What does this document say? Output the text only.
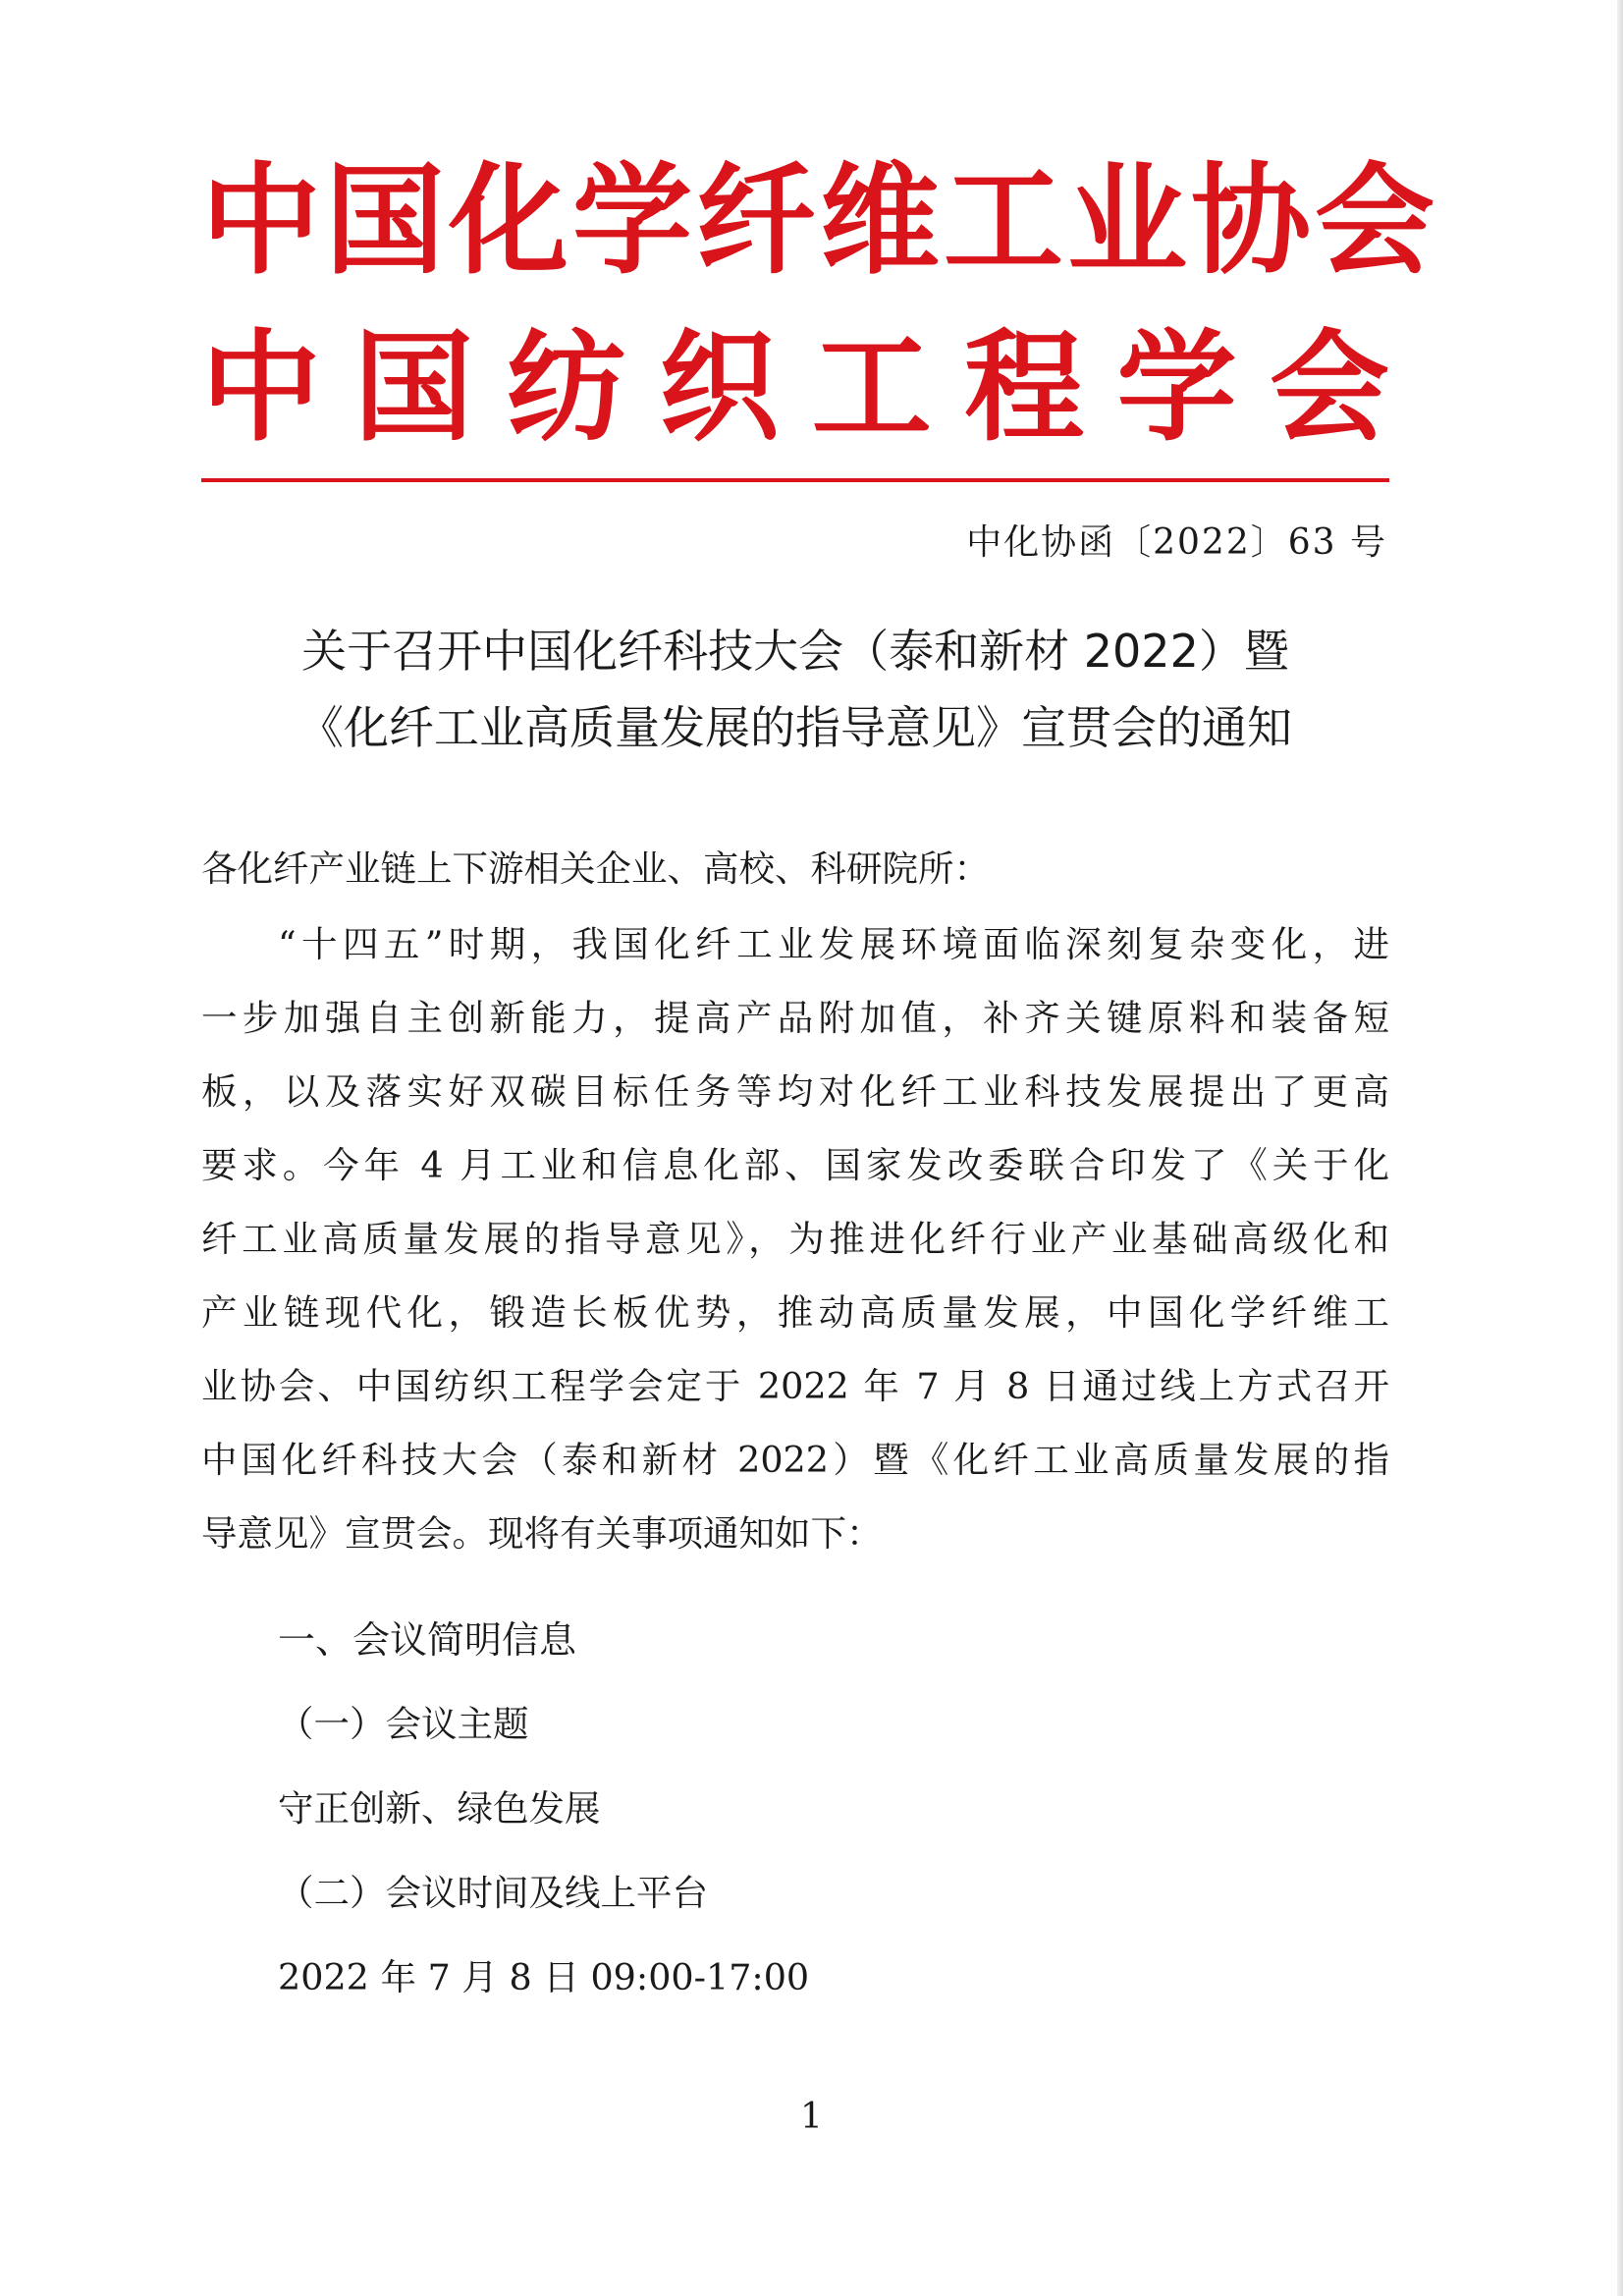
中国化学纤维工业协会
中 国 纺 织 工 程 学 会
中化协函〔2022〕63 号
关于召开中国化纤科技大会（泰和新材 2022）暨
《化纤工业高质量发展的指导意见》宣贯会的通知
各化纤产业链上下游相关企业、高校、科研院所：
“十四五”时期，我国化纤工业发展环境面临深刻复杂变化，进
一步加强自主创新能力，提高产品附加值，补齐关键原料和装备短
板，以及落实好双碳目标任务等均对化纤工业科技发展提出了更高
要求。今年 4 月工业和信息化部、国家发改委联合印发了《关于化
纤工业高质量发展的指导意见》，为推进化纤行业产业基础高级化和
产业链现代化，锻造长板优势，推动高质量发展，中国化学纤维工
业协会、中国纺织工程学会定于 2022 年 7 月 8 日通过线上方式召开
中国化纤科技大会（泰和新材 2022）暨《化纤工业高质量发展的指
导意见》宣贯会。现将有关事项通知如下：
一、会议简明信息
（一）会议主题
守正创新、绿色发展
（二）会议时间及线上平台
2022 年 7 月 8 日 09:00-17:00
1
